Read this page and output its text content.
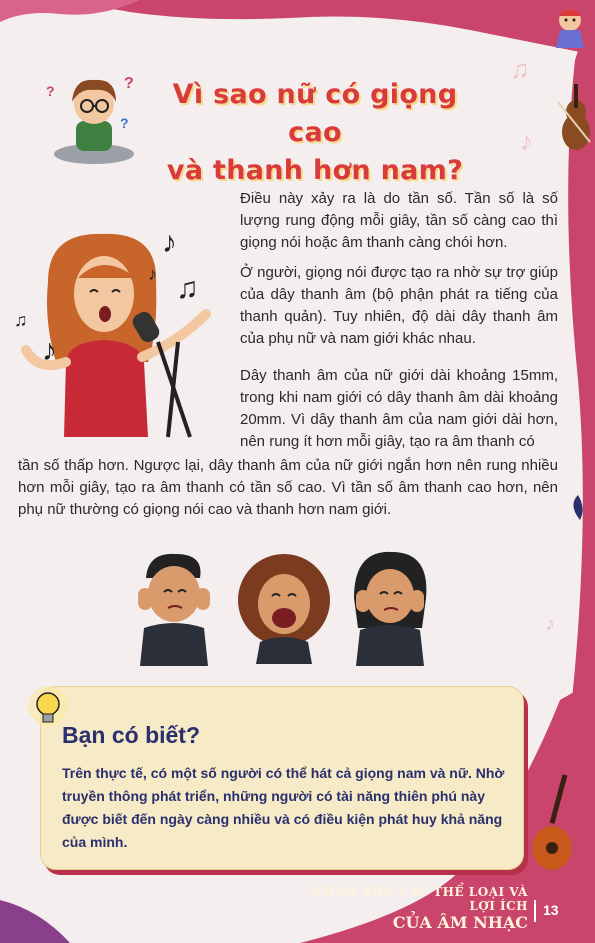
♫
♪
♪
?
?
?
Vì sao nữ có giọng cao
và thanh hơn nam?
♪
♫
♪
♫
♪
Điều này xảy ra là do tần số. Tần số là số lượng rung động mỗi giây, tần số càng cao thì giọng nói hoặc âm thanh càng chói hơn.
Ở người, giọng nói được tạo ra nhờ sự trợ giúp của dây thanh âm (bộ phận phát ra tiếng của thanh quản). Tuy nhiên, độ dài dây thanh âm của phụ nữ và nam giới khác nhau.
Dây thanh âm của nữ giới dài khoảng 15mm, trong khi nam giới có dây thanh âm dài khoảng 20mm. Vì dây thanh âm của nam giới dài hơn, nên rung ít hơn mỗi giây, tạo ra âm thanh có
tần số thấp hơn. Ngược lại, dây thanh âm của nữ giới ngắn hơn nên rung nhiều hơn mỗi giây, tạo ra âm thanh có tần số cao. Vì tần số âm thanh cao hơn, nên phụ nữ thường có giọng nói cao và thanh hơn nam giới.
Bạn có biết?
Trên thực tế, có một số người có thể hát cả giọng nam và nữ. Nhờ truyền thông phát triển, những người có tài năng thiên phú này được biết đến ngày càng nhiều và có điều kiện phát huy khả năng của mình.
KHÁM PHÁ CÁC THỂ LOẠI VÀ LỢI ÍCH
CỦA ÂM NHẠC
13
